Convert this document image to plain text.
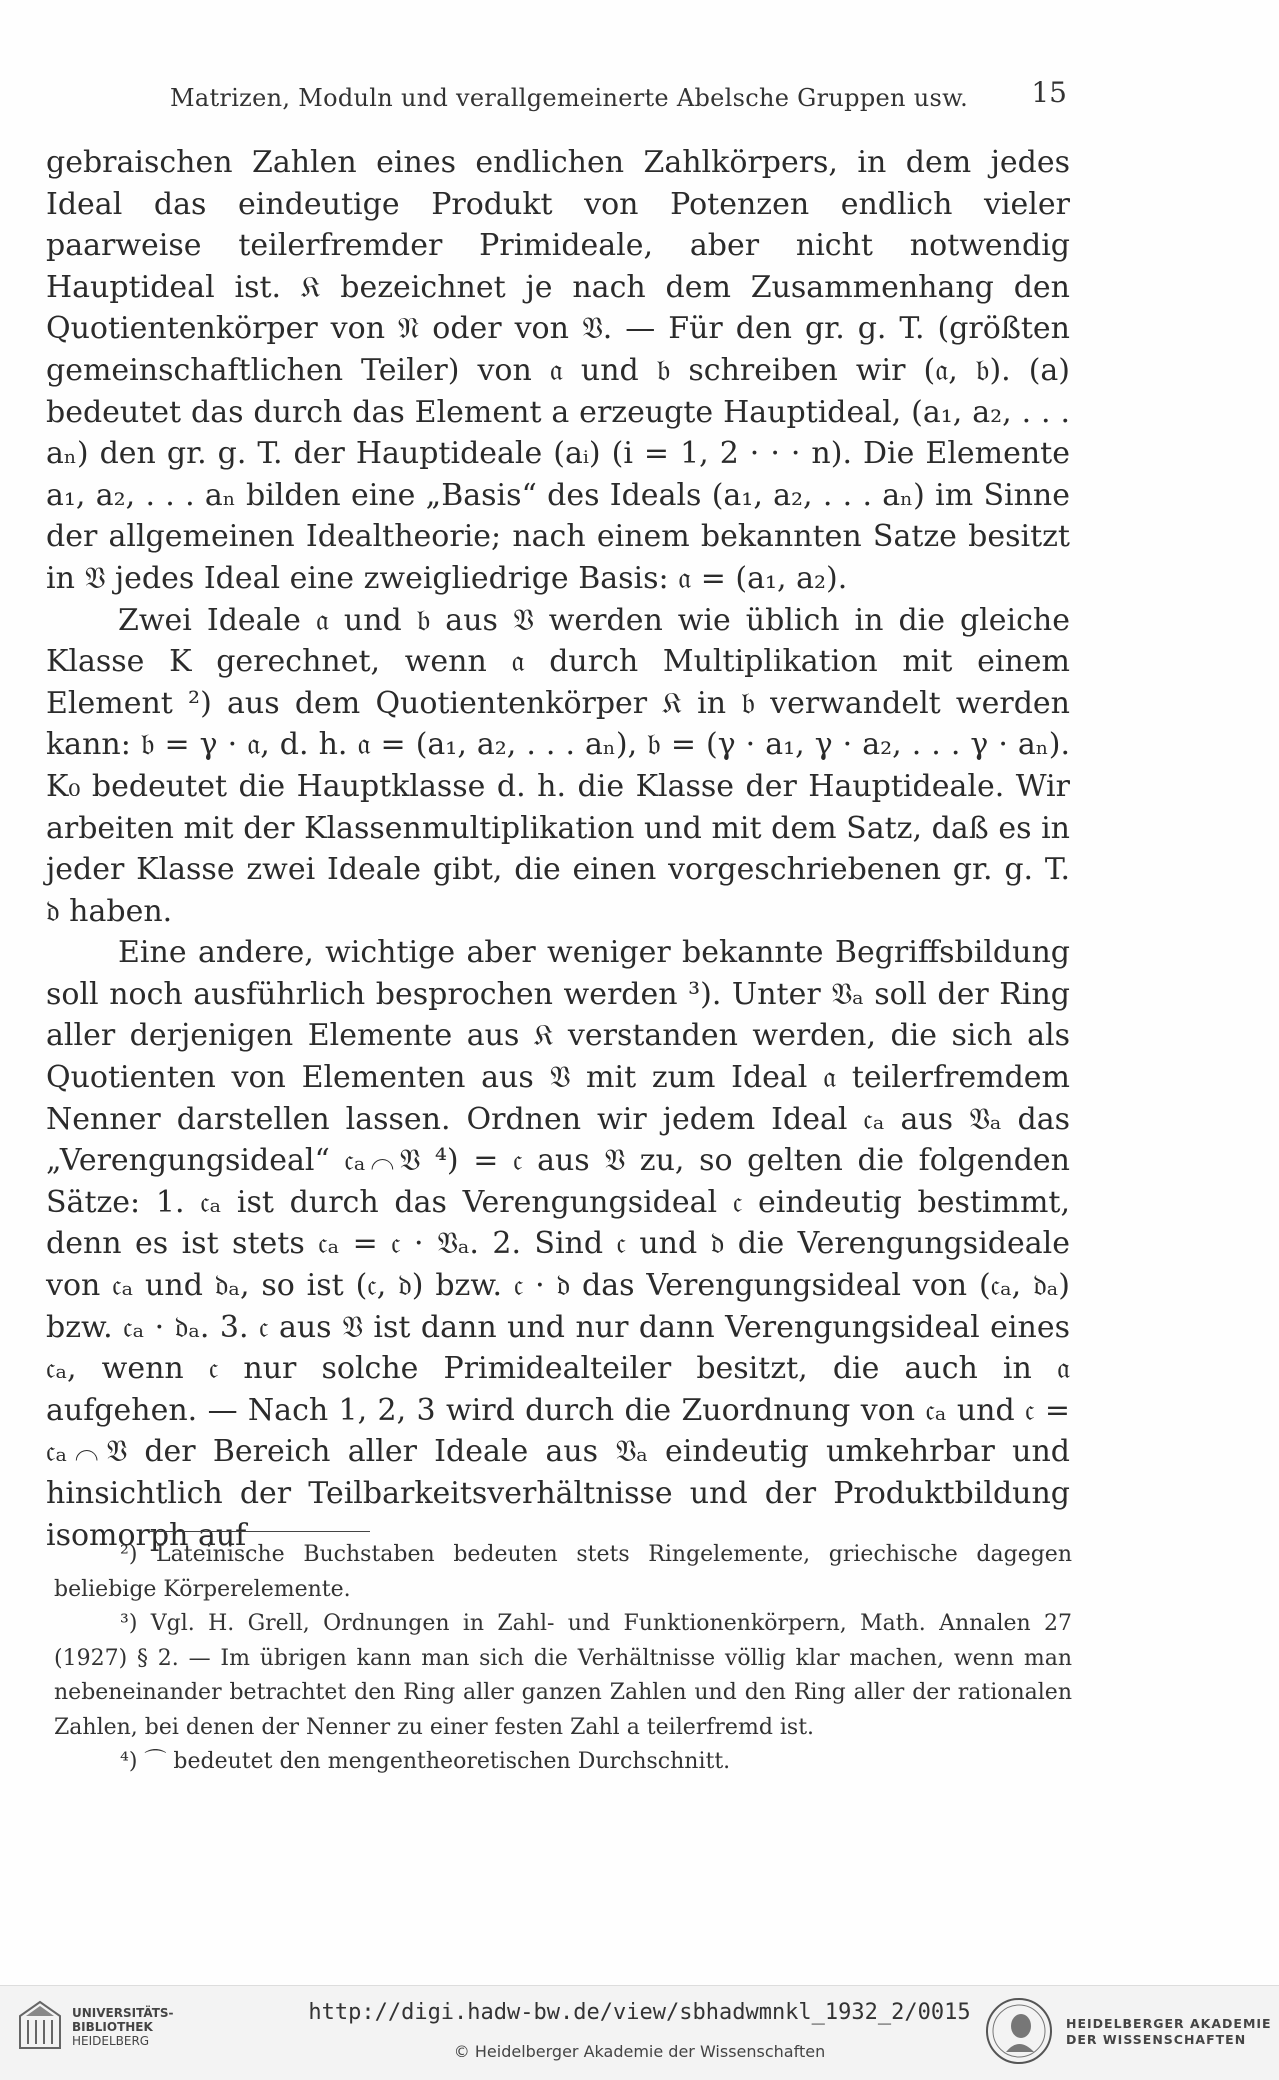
Matrizen, Moduln und verallgemeinerte Abelsche Gruppen usw.	15

gebraischen Zahlen eines endlichen Zahlkörpers, in dem jedes Ideal das eindeutige Produkt von Potenzen endlich vieler paarweise teilerfremder Primideale, aber nicht notwendig Hauptideal ist. 𝔎 bezeichnet je nach dem Zusammenhang den Quotientenkörper von 𝔑 oder von 𝔙. — Für den gr. g. T. (größten gemeinschaftlichen Teiler) von 𝔞 und 𝔟 schreiben wir (𝔞, 𝔟). (a) bedeutet das durch das Element a erzeugte Hauptideal, (a₁, a₂, . . . aₙ) den gr. g. T. der Hauptideale (aᵢ) (i = 1, 2 · · · n). Die Elemente a₁, a₂, . . . aₙ bilden eine „Basis“ des Ideals (a₁, a₂, . . . aₙ) im Sinne der allgemeinen Idealtheorie; nach einem bekannten Satze besitzt in 𝔙 jedes Ideal eine zweigliedrige Basis: 𝔞 = (a₁, a₂).

Zwei Ideale 𝔞 und 𝔟 aus 𝔙 werden wie üblich in die gleiche Klasse K gerechnet, wenn 𝔞 durch Multiplikation mit einem Element ²) aus dem Quotientenkörper 𝔎 in 𝔟 verwandelt werden kann: 𝔟 = γ · 𝔞, d. h. 𝔞 = (a₁, a₂, . . . aₙ), 𝔟 = (γ · a₁, γ · a₂, . . . γ · aₙ). K₀ bedeutet die Hauptklasse d. h. die Klasse der Hauptideale. Wir arbeiten mit der Klassenmultiplikation und mit dem Satz, daß es in jeder Klasse zwei Ideale gibt, die einen vorgeschriebenen gr. g. T. 𝔡 haben.

Eine andere, wichtige aber weniger bekannte Begriffsbildung soll noch ausführlich besprochen werden ³). Unter 𝔙ₐ soll der Ring aller derjenigen Elemente aus 𝔎 verstanden werden, die sich als Quotienten von Elementen aus 𝔙 mit zum Ideal 𝔞 teilerfremdem Nenner darstellen lassen. Ordnen wir jedem Ideal 𝔠ₐ aus 𝔙ₐ das „Verengungsideal“ 𝔠ₐ⌒𝔙 ⁴) = 𝔠 aus 𝔙 zu, so gelten die folgenden Sätze: 1. 𝔠ₐ ist durch das Verengungsideal 𝔠 eindeutig bestimmt, denn es ist stets 𝔠ₐ = 𝔠 · 𝔙ₐ. 2. Sind 𝔠 und 𝔡 die Verengungsideale von 𝔠ₐ und 𝔡ₐ, so ist (𝔠, 𝔡) bzw. 𝔠 · 𝔡 das Verengungsideal von (𝔠ₐ, 𝔡ₐ) bzw. 𝔠ₐ · 𝔡ₐ. 3. 𝔠 aus 𝔙 ist dann und nur dann Verengungsideal eines 𝔠ₐ, wenn 𝔠 nur solche Primidealteiler besitzt, die auch in 𝔞 aufgehen. — Nach 1, 2, 3 wird durch die Zuordnung von 𝔠ₐ und 𝔠 = 𝔠ₐ⌒𝔙 der Bereich aller Ideale aus 𝔙ₐ eindeutig umkehrbar und hinsichtlich der Teilbarkeitsverhältnisse und der Produktbildung isomorph auf

²) Lateinische Buchstaben bedeuten stets Ringelemente, griechische dagegen beliebige Körperelemente.

³) Vgl. H. Grell, Ordnungen in Zahl- und Funktionenkörpern, Math. Annalen 27 (1927) § 2. — Im übrigen kann man sich die Verhältnisse völlig klar machen, wenn man nebeneinander betrachtet den Ring aller ganzen Zahlen und den Ring aller der rationalen Zahlen, bei denen der Nenner zu einer festen Zahl a teilerfremd ist.

⁴) ⌒ bedeutet den mengentheoretischen Durchschnitt.

UNIVERSITÄTS-
BIBLIOTHEK
HEIDELBERG
http://digi.hadw-bw.de/view/sbhadwmnkl_1932_2/0015
© Heidelberger Akademie der Wissenschaften
HEIDELBERGER AKADEMIE
DER WISSENSCHAFTEN
